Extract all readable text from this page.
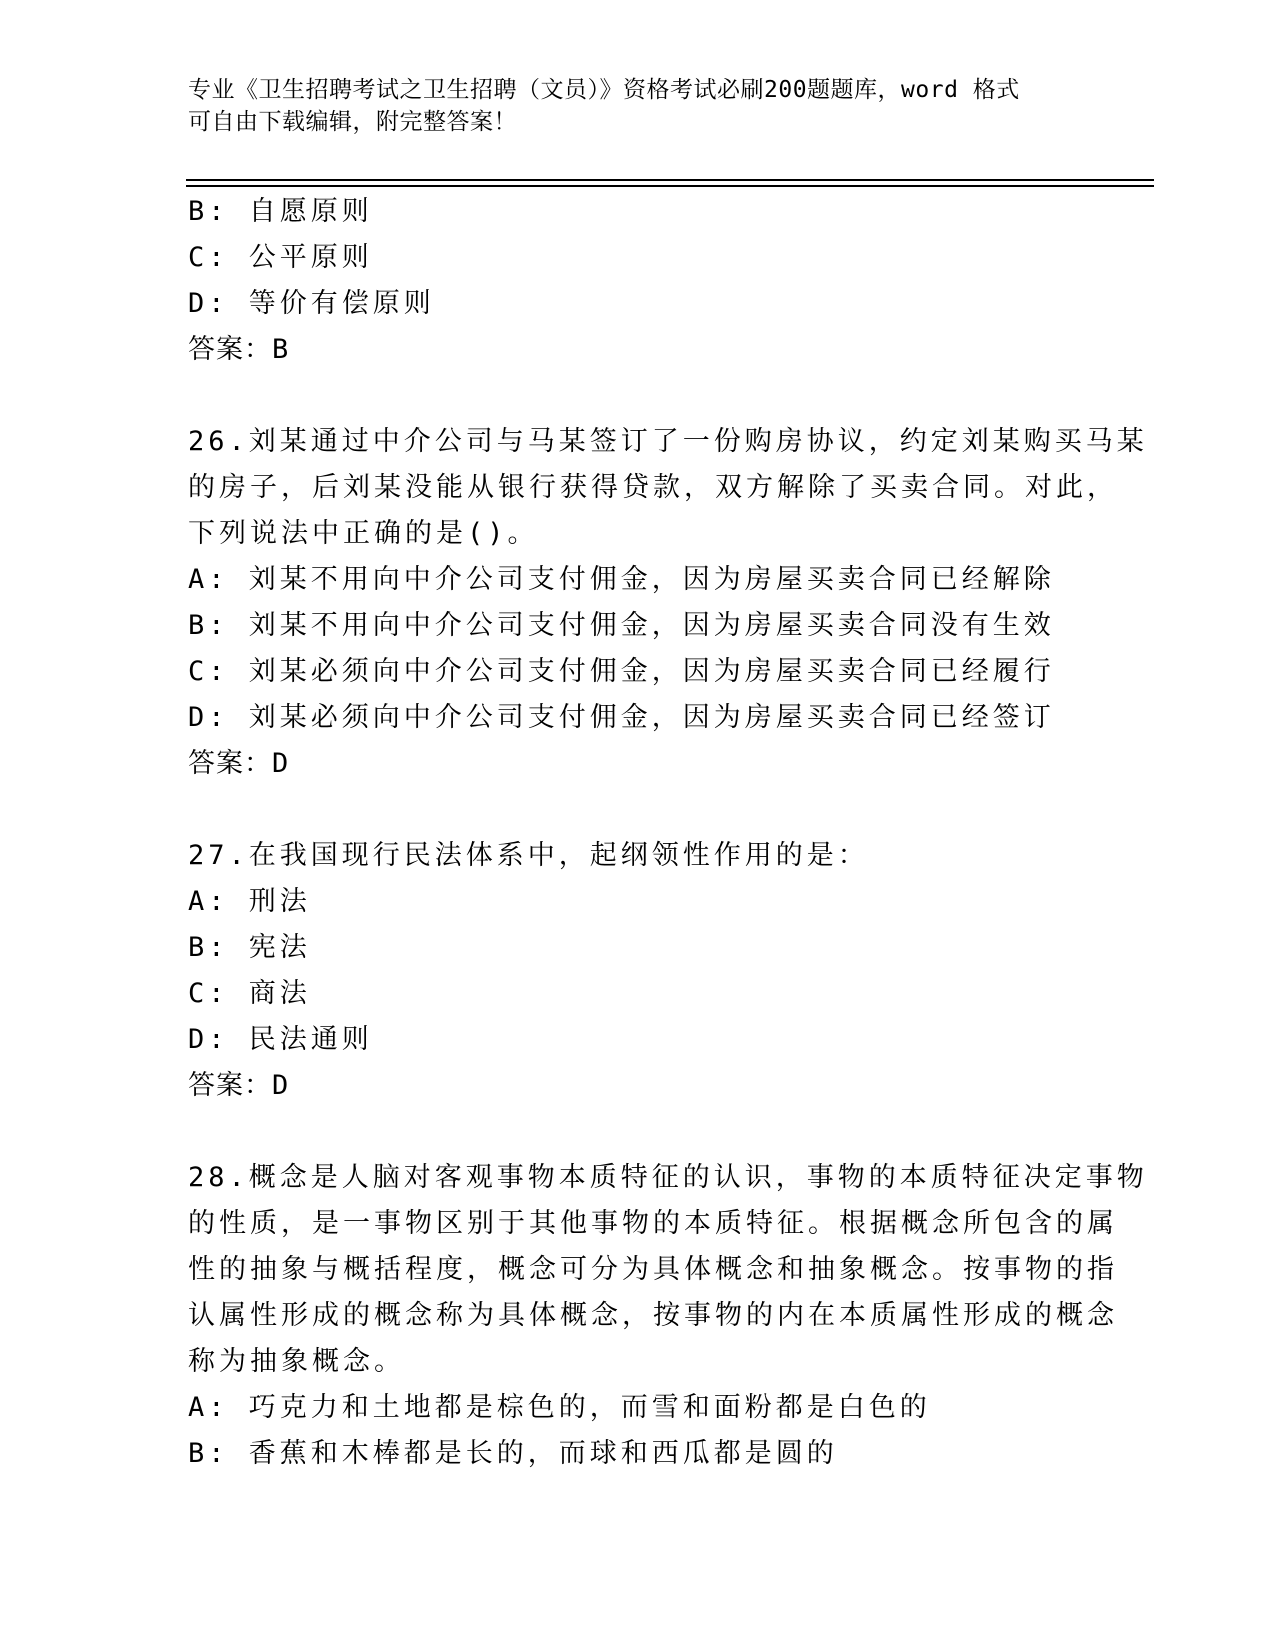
专业《卫生招聘考试之卫生招聘（文员）》资格考试必刷200题题库，word 格式
可自由下载编辑，附完整答案！
B: 自愿原则
C: 公平原则
D: 等价有偿原则
答案：B
26.刘某通过中介公司与马某签订了一份购房协议，约定刘某购买马某
的房子，后刘某没能从银行获得贷款，双方解除了买卖合同。对此，
下列说法中正确的是()。
A: 刘某不用向中介公司支付佣金，因为房屋买卖合同已经解除
B: 刘某不用向中介公司支付佣金，因为房屋买卖合同没有生效
C: 刘某必须向中介公司支付佣金，因为房屋买卖合同已经履行
D: 刘某必须向中介公司支付佣金，因为房屋买卖合同已经签订
答案：D
27.在我国现行民法体系中，起纲领性作用的是：
A: 刑法
B: 宪法
C: 商法
D: 民法通则
答案：D
28.概念是人脑对客观事物本质特征的认识，事物的本质特征决定事物
的性质，是一事物区别于其他事物的本质特征。根据概念所包含的属
性的抽象与概括程度，概念可分为具体概念和抽象概念。按事物的指
认属性形成的概念称为具体概念，按事物的内在本质属性形成的概念
称为抽象概念。
A: 巧克力和土地都是棕色的，而雪和面粉都是白色的
B: 香蕉和木棒都是长的，而球和西瓜都是圆的
